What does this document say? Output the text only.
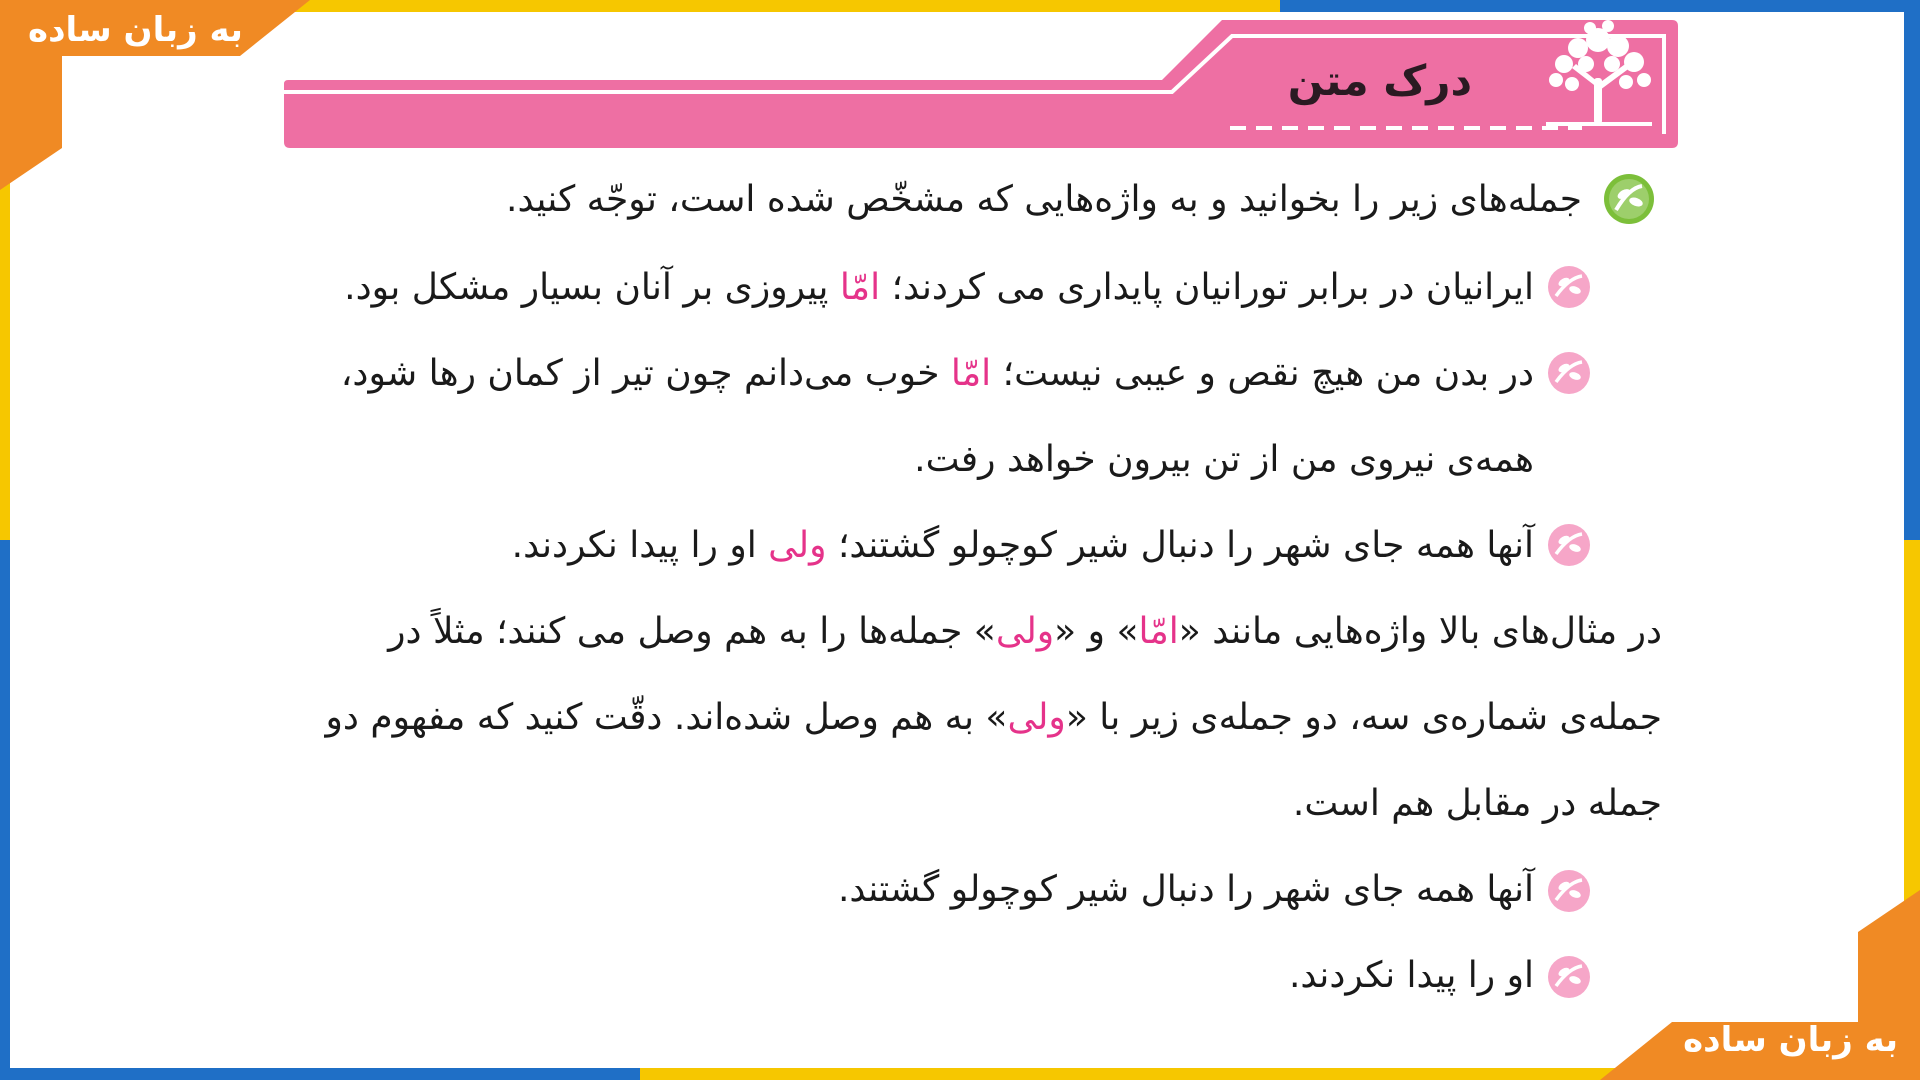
به زبان ساده
به زبان ساده
درک متن
جمله‌های زیر را بخوانید و به واژه‌هایی که مشخّص شده است، توجّه کنید.
ایرانیان در برابر تورانیان پایداری می کردند؛ امّا پیروزی بر آنان بسیار مشکل بود.
در بدن من هیچ نقص و عیبی نیست؛ امّا خوب می‌دانم چون تیر از کمان رها شود،
همه‌ی نیروی من از تن بیرون خواهد رفت.
آنها همه جای شهر را دنبال شیر کوچولو گشتند؛ ولی او را پیدا نکردند.
در مثال‌های بالا واژه‌هایی مانند «امّا» و «ولی» جمله‌ها را به هم وصل می کنند؛ مثلاً در
جمله‌ی شماره‌ی سه، دو جمله‌ی زیر با «ولی» به هم وصل شده‌اند. دقّت کنید که مفهوم دو
جمله در مقابل هم است.
آنها همه جای شهر را دنبال شیر کوچولو گشتند.
او را پیدا نکردند.
